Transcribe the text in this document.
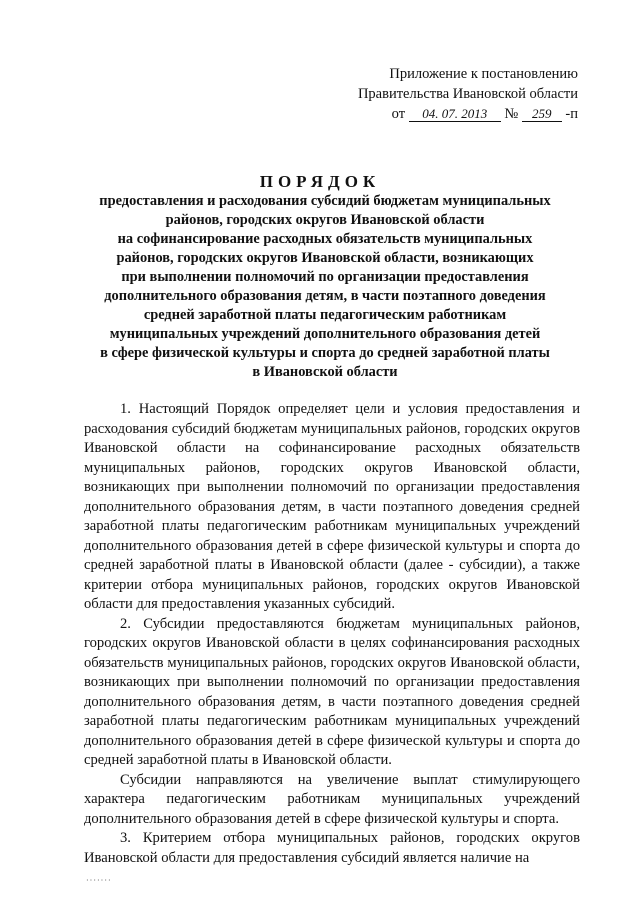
Приложение к постановлению
Правительства Ивановской области
от 04. 07. 2013 № 259 -п
ПОРЯДОК
предоставления и расходования субсидий бюджетам муниципальных
районов, городских округов Ивановской области
на софинансирование расходных обязательств муниципальных
районов, городских округов Ивановской области, возникающих
при выполнении полномочий по организации предоставления
дополнительного образования детям, в части поэтапного доведения
средней заработной платы педагогическим работникам
муниципальных учреждений дополнительного образования детей
в сфере физической культуры и спорта до средней заработной платы
в Ивановской области

1. Настоящий Порядок определяет цели и условия предоставления и расходования субсидий бюджетам муниципальных районов, городских округов Ивановской области на софинансирование расходных обязательств муниципальных районов, городских округов Ивановской области, возникающих при выполнении полномочий по организации предоставления дополнительного образования детям, в части поэтапного доведения средней заработной платы педагогическим работникам муниципальных учреждений дополнительного образования детей в сфере физической культуры и спорта до средней заработной платы в Ивановской области (далее - субсидии), а также критерии отбора муниципальных районов, городских округов Ивановской области для предоставления указанных субсидий.

2. Субсидии предоставляются бюджетам муниципальных районов, городских округов Ивановской области в целях софинансирования расходных обязательств муниципальных районов, городских округов Ивановской области, возникающих при выполнении полномочий по организации предоставления дополнительного образования детям, в части поэтапного доведения средней заработной платы педагогическим работникам муниципальных учреждений дополнительного образования детей в сфере физической культуры и спорта до средней заработной платы в Ивановской области.

Субсидии направляются на увеличение выплат стимулирующего характера педагогическим работникам муниципальных учреждений дополнительного образования детей в сфере физической культуры и спорта.

3. Критерием отбора муниципальных районов, городских округов Ивановской области для предоставления субсидий является наличие на

·······
